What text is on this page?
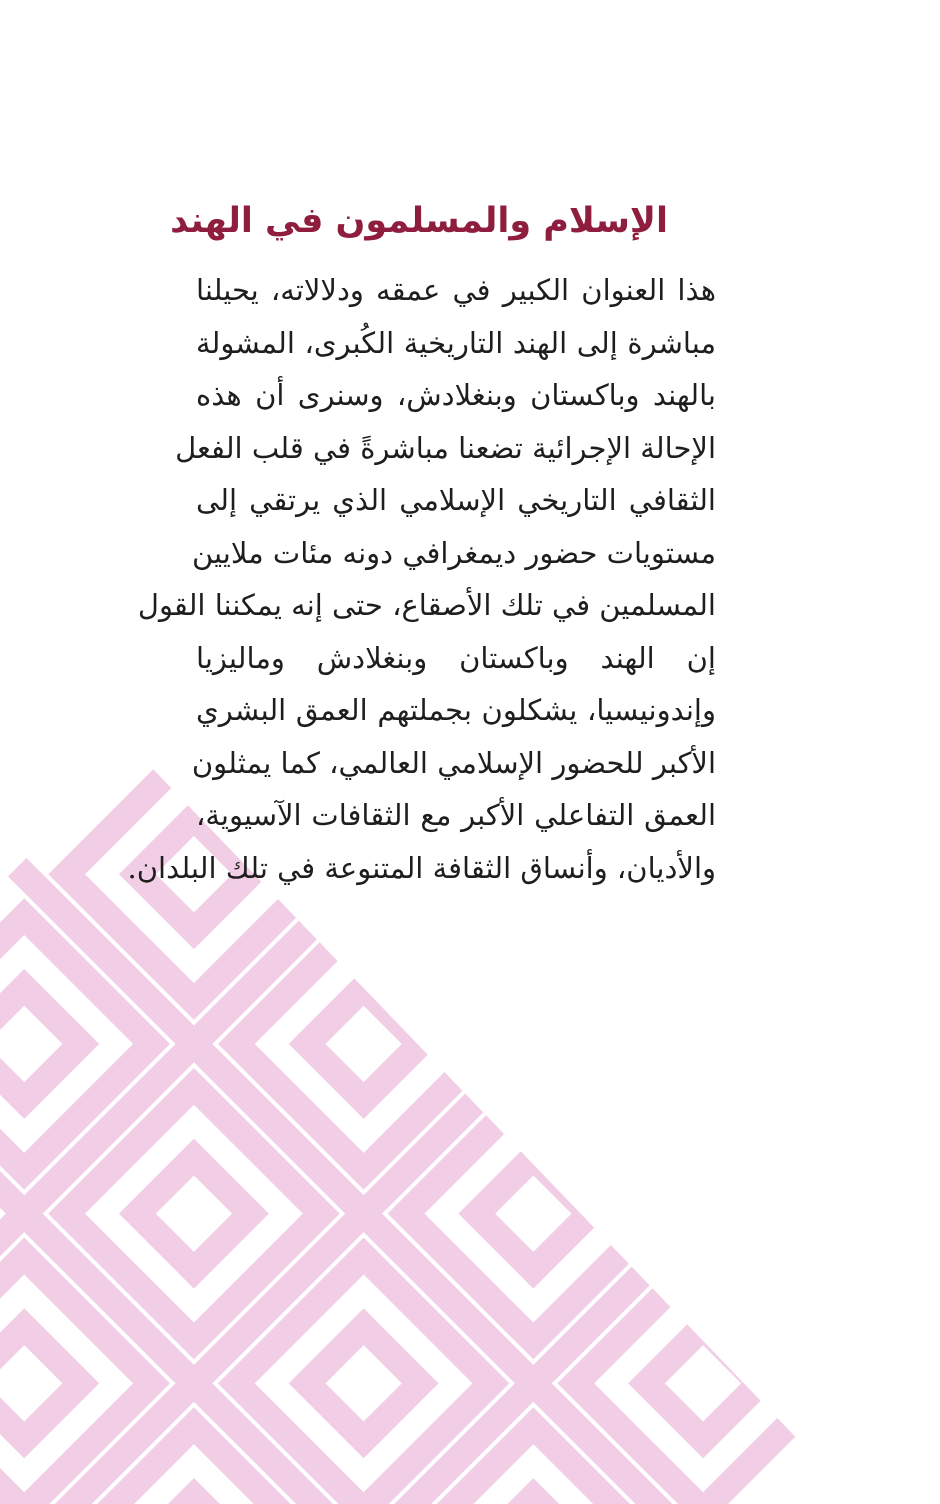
الإسلام والمسلمون في الهند
هذا العنوان الكبير في عمقه ودلالاته، يحيلنا
مباشرة إلى الهند التاريخية الكُبرى، المشولة
بالهند وباكستان وبنغلادش، وسنرى أن هذه
الإحالة الإجرائية تضعنا مباشرةً في قلب الفعل
الثقافي التاريخي الإسلامي الذي يرتقي إلى
مستويات حضور ديمغرافي دونه مئات ملايين
المسلمين في تلك الأصقاع، حتى إنه يمكننا القول
إن الهند وباكستان وبنغلادش وماليزيا
وإندونيسيا، يشكلون بجملتهم العمق البشري
الأكبر للحضور الإسلامي العالمي، كما يمثلون
العمق التفاعلي الأكبر مع الثقافات الآسيوية،
والأديان، وأنساق الثقافة المتنوعة في تلك البلدان.
